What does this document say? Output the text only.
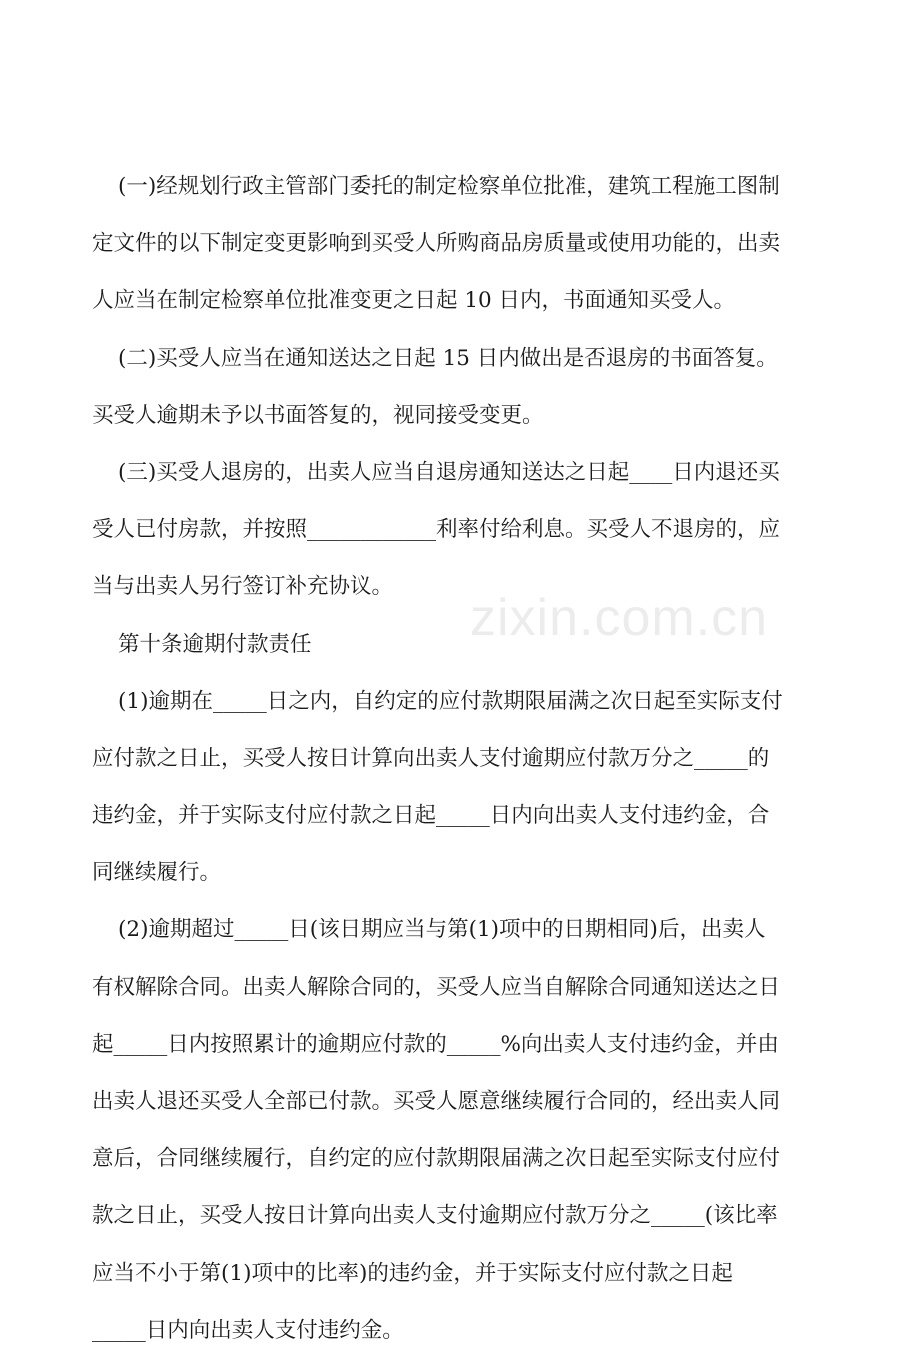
(一)经规划行政主管部门委托的制定检察单位批准，建筑工程施工图制
定文件的以下制定变更影响到买受人所购商品房质量或使用功能的，出卖
人应当在制定检察单位批准变更之日起 10 日内，书面通知买受人。
(二)买受人应当在通知送达之日起 15 日内做出是否退房的书面答复。
买受人逾期未予以书面答复的，视同接受变更。
(三)买受人退房的，出卖人应当自退房通知送达之日起____日内退还买
受人已付房款，并按照____________利率付给利息。买受人不退房的，应
当与出卖人另行签订补充协议。
第十条逾期付款责任
(1)逾期在_____日之内，自约定的应付款期限届满之次日起至实际支付
应付款之日止，买受人按日计算向出卖人支付逾期应付款万分之_____的
违约金，并于实际支付应付款之日起_____日内向出卖人支付违约金，合
同继续履行。
(2)逾期超过_____日(该日期应当与第(1)项中的日期相同)后，出卖人
有权解除合同。出卖人解除合同的，买受人应当自解除合同通知送达之日
起_____日内按照累计的逾期应付款的_____%向出卖人支付违约金，并由
出卖人退还买受人全部已付款。买受人愿意继续履行合同的，经出卖人同
意后，合同继续履行，自约定的应付款期限届满之次日起至实际支付应付
款之日止，买受人按日计算向出卖人支付逾期应付款万分之_____(该比率
应当不小于第(1)项中的比率)的违约金，并于实际支付应付款之日起
_____日内向出卖人支付违约金。
zixin.com.cn
